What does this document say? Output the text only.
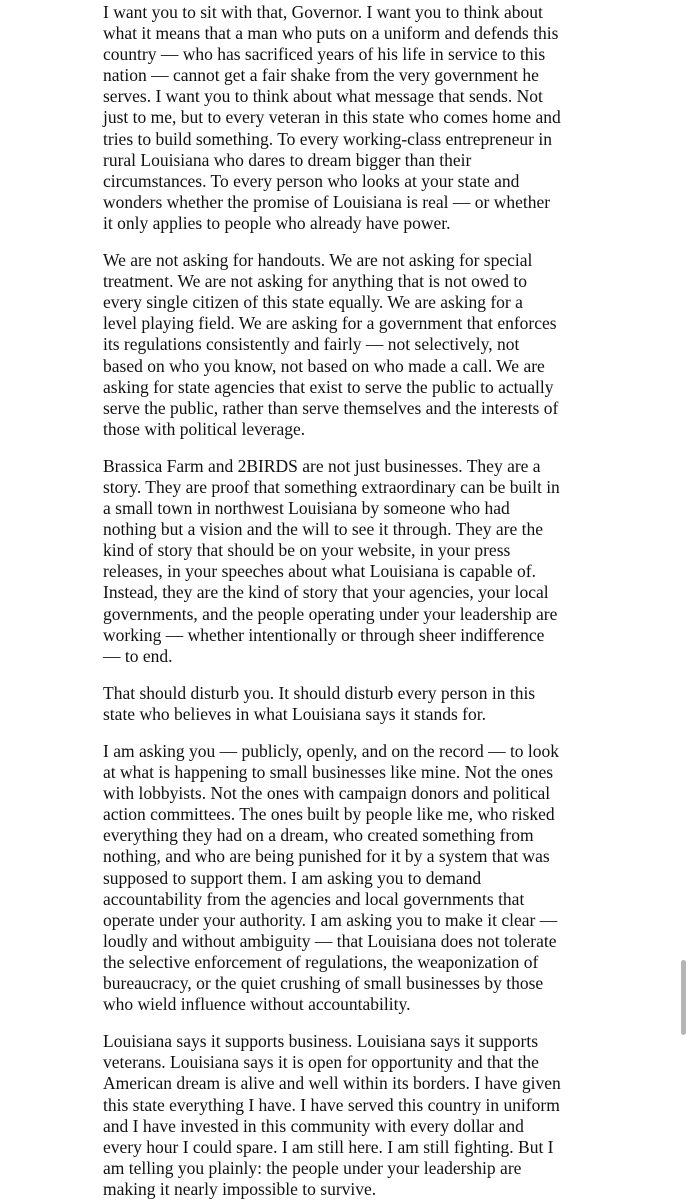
I want you to sit with that, Governor. I want you to think about
what it means that a man who puts on a uniform and defends this
country — who has sacrificed years of his life in service to this
nation — cannot get a fair shake from the very government he
serves. I want you to think about what message that sends. Not
just to me, but to every veteran in this state who comes home and
tries to build something. To every working-class entrepreneur in
rural Louisiana who dares to dream bigger than their
circumstances. To every person who looks at your state and
wonders whether the promise of Louisiana is real — or whether
it only applies to people who already have power.

We are not asking for handouts. We are not asking for special
treatment. We are not asking for anything that is not owed to
every single citizen of this state equally. We are asking for a
level playing field. We are asking for a government that enforces
its regulations consistently and fairly — not selectively, not
based on who you know, not based on who made a call. We are
asking for state agencies that exist to serve the public to actually
serve the public, rather than serve themselves and the interests of
those with political leverage.

Brassica Farm and 2BIRDS are not just businesses. They are a
story. They are proof that something extraordinary can be built in
a small town in northwest Louisiana by someone who had
nothing but a vision and the will to see it through. They are the
kind of story that should be on your website, in your press
releases, in your speeches about what Louisiana is capable of.
Instead, they are the kind of story that your agencies, your local
governments, and the people operating under your leadership are
working — whether intentionally or through sheer indifference
— to end.

That should disturb you. It should disturb every person in this
state who believes in what Louisiana says it stands for.

I am asking you — publicly, openly, and on the record — to look
at what is happening to small businesses like mine. Not the ones
with lobbyists. Not the ones with campaign donors and political
action committees. The ones built by people like me, who risked
everything they had on a dream, who created something from
nothing, and who are being punished for it by a system that was
supposed to support them. I am asking you to demand
accountability from the agencies and local governments that
operate under your authority. I am asking you to make it clear —
loudly and without ambiguity — that Louisiana does not tolerate
the selective enforcement of regulations, the weaponization of
bureaucracy, or the quiet crushing of small businesses by those
who wield influence without accountability.

Louisiana says it supports business. Louisiana says it supports
veterans. Louisiana says it is open for opportunity and that the
American dream is alive and well within its borders. I have given
this state everything I have. I have served this country in uniform
and I have invested in this community with every dollar and
every hour I could spare. I am still here. I am still fighting. But I
am telling you plainly: the people under your leadership are
making it nearly impossible to survive.
